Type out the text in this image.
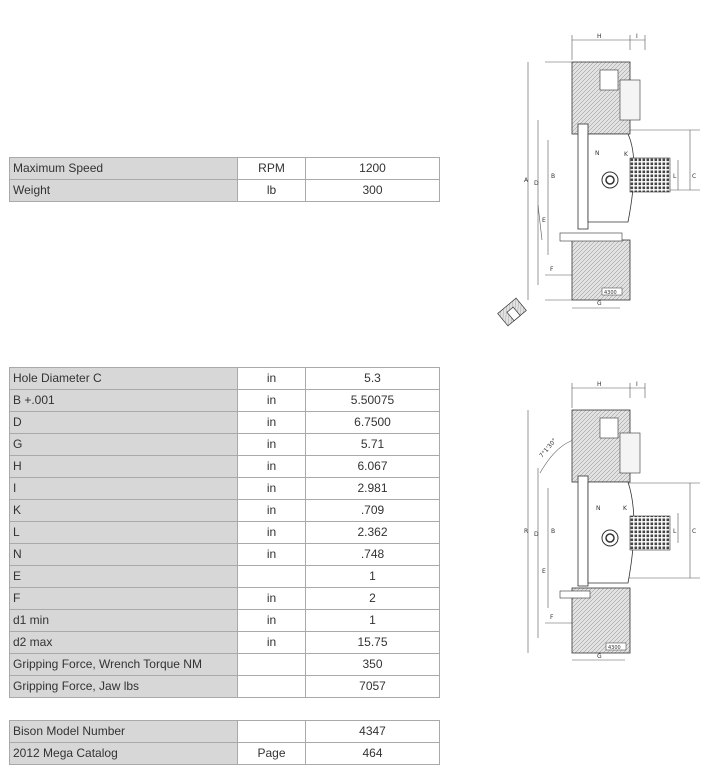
Maximum Speed	RPM	1200
Weight	lb	300
Hole Diameter C	in	5.3
B +.001	in	5.50075
D	in	6.7500
G	in	5.71
H	in	6.067
I	in	2.981
K	in	.709
L	in	2.362
N	in	.748
E		1
F	in	2
d1 min	in	1
d2 max	in	15.75
Gripping Force, Wrench Torque NM		350
Gripping Force, Jaw lbs		7057
Bison Model Number		4347
2012 Mega Catalog	Page	464
H	I
A D
B	C
E
F
G
N
L
K
4300
H	I
R D B	C
E
F
G
N
L
K
7°1'30°
4300
